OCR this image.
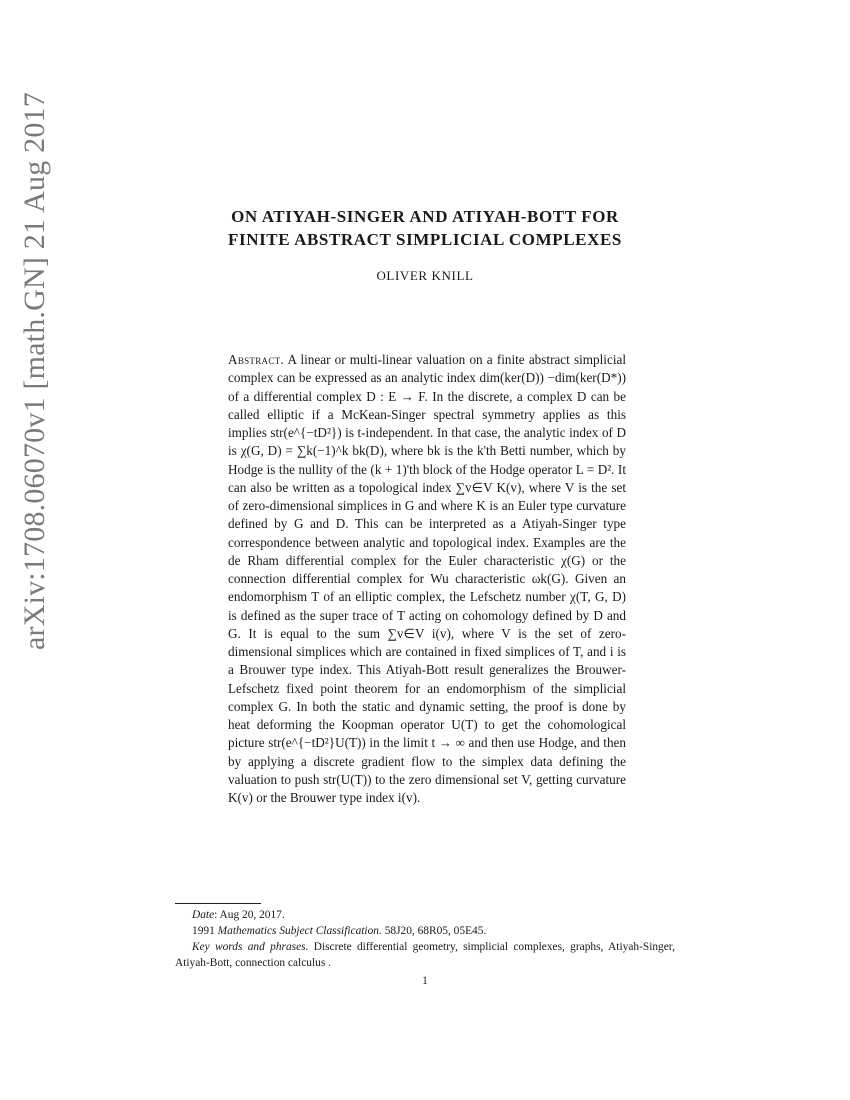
arXiv:1708.06070v1 [math.GN] 21 Aug 2017	ON ATIYAH-SINGER AND ATIYAH-BOTT FOR
FINITE ABSTRACT SIMPLICIAL COMPLEXES
OLIVER KNILL
Abstract. A linear or multi-linear valuation on a finite abstract simplicial complex can be expressed as an analytic index dim(ker(D)) −dim(ker(D*)) of a differential complex D : E → F. In the discrete, a complex D can be called elliptic if a McKean-Singer spectral symmetry applies as this implies str(e^{−tD²}) is t-independent. In that case, the analytic index of D is χ(G, D) = ∑k(−1)^k bk(D), where bk is the k'th Betti number, which by Hodge is the nullity of the (k + 1)'th block of the Hodge operator L = D². It can also be written as a topological index ∑v∈V K(v), where V is the set of zero-dimensional simplices in G and where K is an Euler type curvature defined by G and D. This can be interpreted as a Atiyah-Singer type correspondence between analytic and topological index. Examples are the de Rham differential complex for the Euler characteristic χ(G) or the connection differential complex for Wu characteristic ωk(G). Given an endomorphism T of an elliptic complex, the Lefschetz number χ(T, G, D) is defined as the super trace of T acting on cohomology defined by D and G. It is equal to the sum ∑v∈V i(v), where V is the set of zero-dimensional simplices which are contained in fixed simplices of T, and i is a Brouwer type index. This Atiyah-Bott result generalizes the Brouwer-Lefschetz fixed point theorem for an endomorphism of the simplicial complex G. In both the static and dynamic setting, the proof is done by heat deforming the Koopman operator U(T) to get the cohomological picture str(e^{−tD²}U(T)) in the limit t → ∞ and then use Hodge, and then by applying a discrete gradient flow to the simplex data defining the valuation to push str(U(T)) to the zero dimensional set V, getting curvature K(v) or the Brouwer type index i(v).

Date: Aug 20, 2017.

1991 Mathematics Subject Classification. 58J20, 68R05, 05E45.

Key words and phrases. Discrete differential geometry, simplicial complexes, graphs, Atiyah-Singer, Atiyah-Bott, connection calculus .

1
